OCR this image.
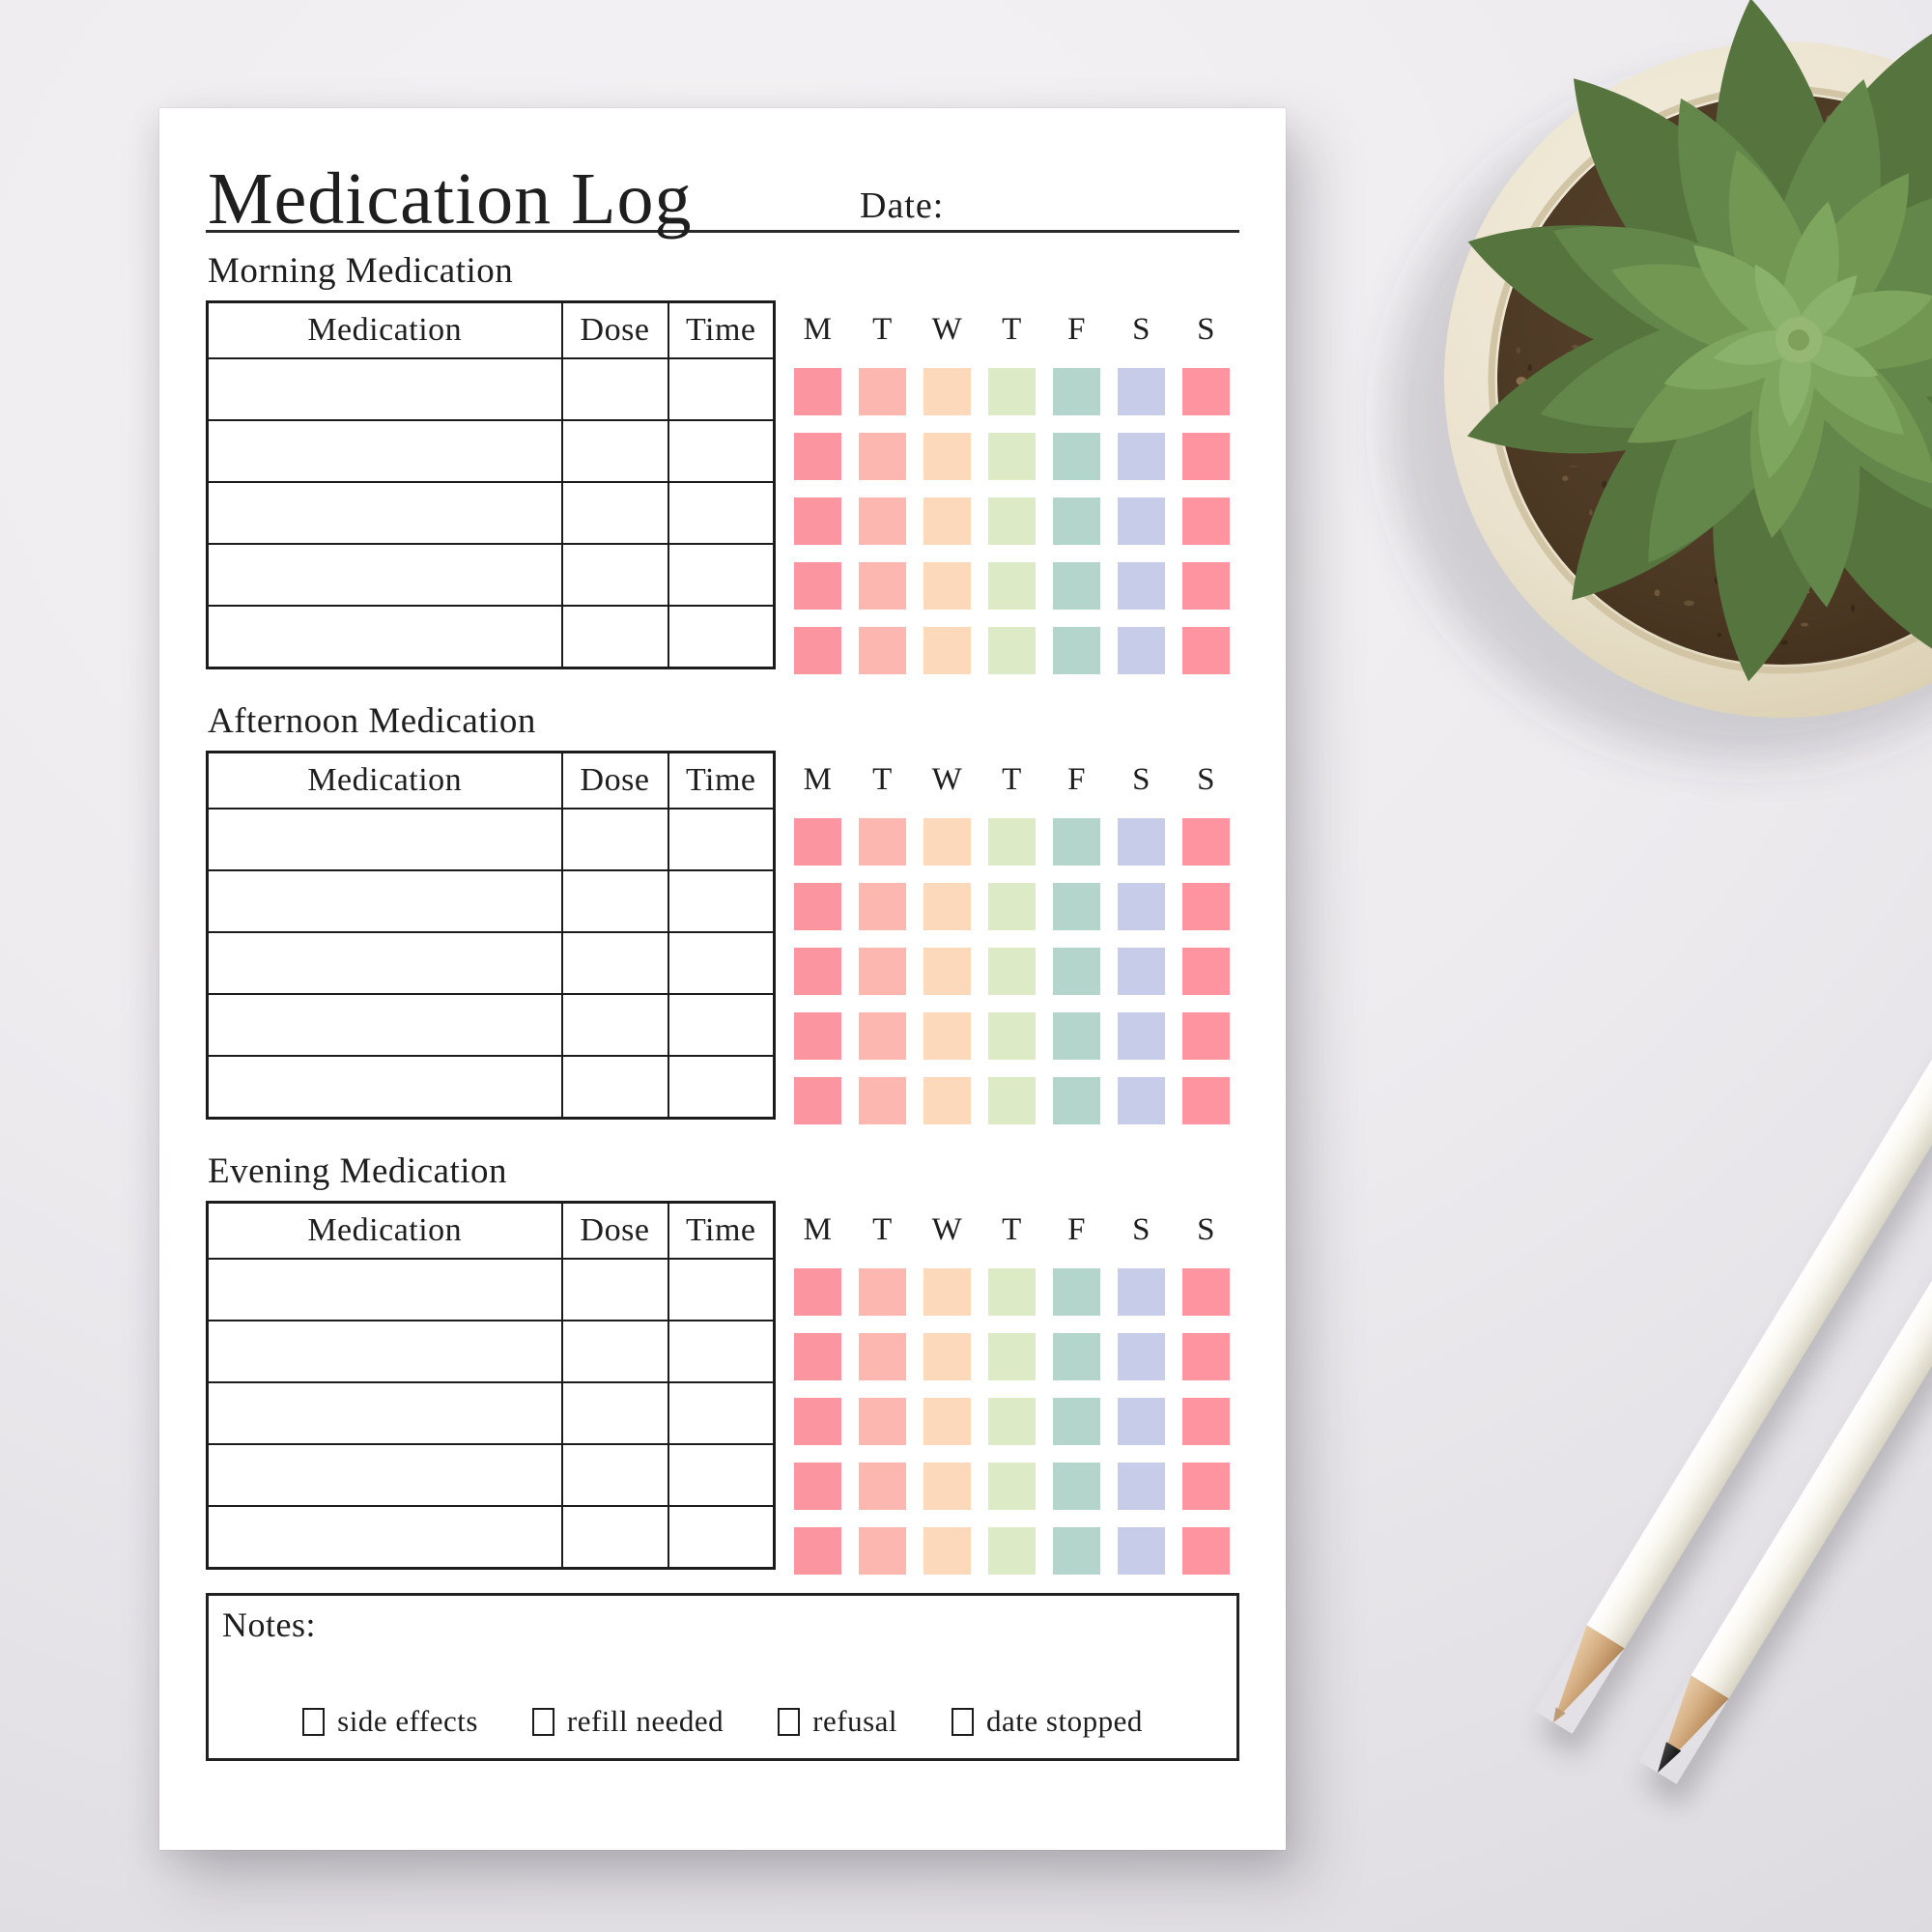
Medication Log	Date:
Morning Medication
Medication	Dose	Time

		M	T	W	T	F	S	S
Afternoon Medication
Medication	Dose	Time

		M	T	W	T	F	S	S
Evening Medication
Medication	Dose	Time

		M	T	W	T	F	S	S
Notes:
side effects	refill needed	refusal	date stopped
